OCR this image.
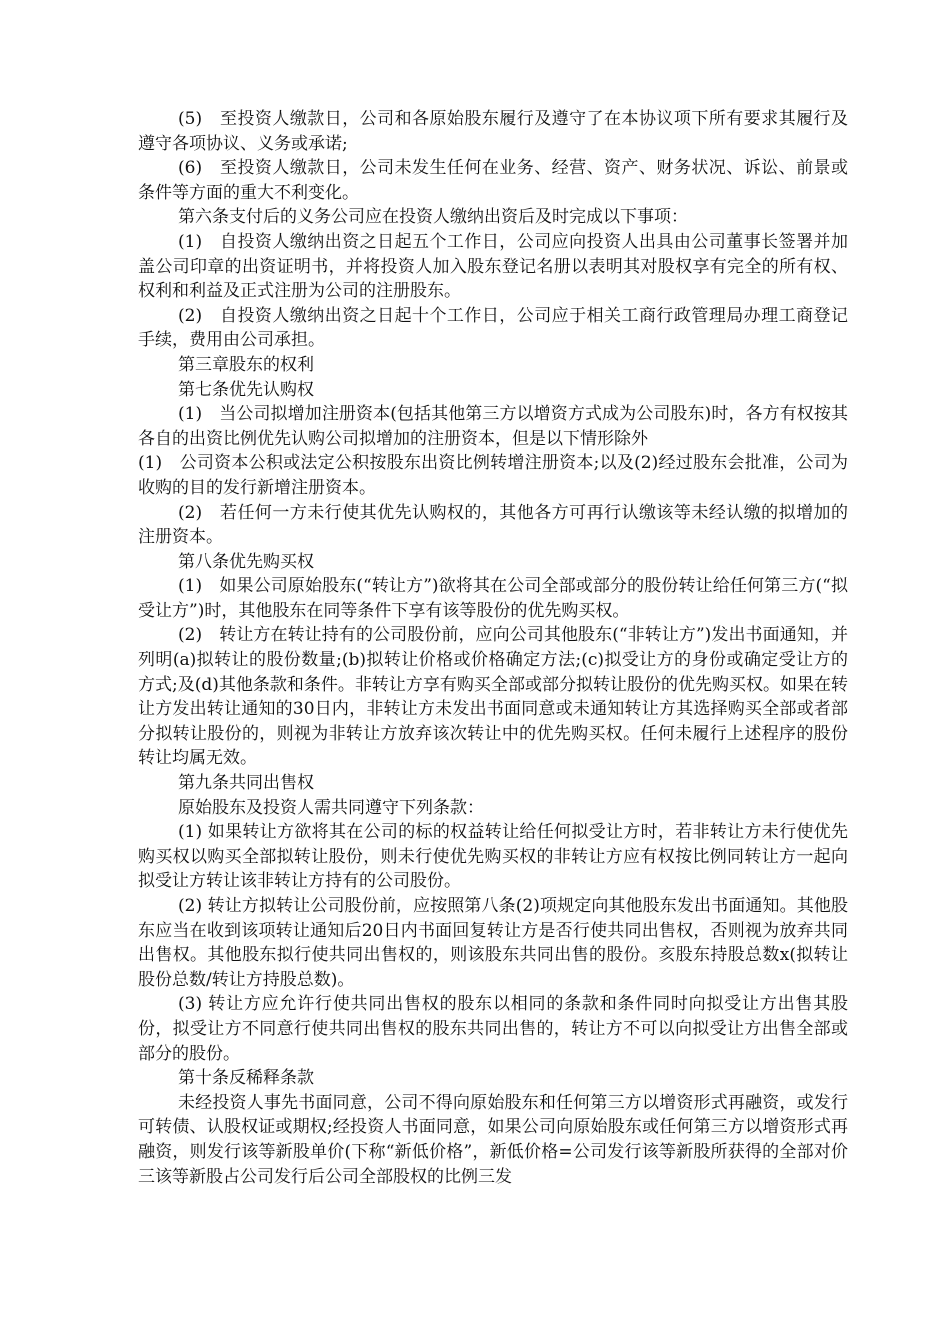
(5)　至投资人缴款日，公司和各原始股东履行及遵守了在本协议项下所有要求其履行及遵守各项协议、义务或承诺;

(6)　至投资人缴款日，公司未发生任何在业务、经营、资产、财务状况、诉讼、前景或条件等方面的重大不利变化。

第六条支付后的义务公司应在投资人缴纳出资后及时完成以下事项：

(1)　自投资人缴纳出资之日起五个工作日，公司应向投资人出具由公司董事长签署并加盖公司印章的出资证明书，并将投资人加入股东登记名册以表明其对股权享有完全的所有权、权利和利益及正式注册为公司的注册股东。

(2)　自投资人缴纳出资之日起十个工作日，公司应于相关工商行政管理局办理工商登记手续，费用由公司承担。

第三章股东的权利

第七条优先认购权

(1)　当公司拟增加注册资本(包括其他第三方以增资方式成为公司股东)时，各方有权按其各自的出资比例优先认购公司拟增加的注册资本，但是以下情形除外

(1)　公司资本公积或法定公积按股东出资比例转增注册资本;以及(2)经过股东会批准，公司为收购的目的发行新增注册资本。

(2)　若任何一方未行使其优先认购权的，其他各方可再行认缴该等未经认缴的拟增加的注册资本。

第八条优先购买权

(1)　如果公司原始股东(“转让方”)欲将其在公司全部或部分的股份转让给任何第三方(“拟受让方”)时，其他股东在同等条件下享有该等股份的优先购买权。

(2)　转让方在转让持有的公司股份前，应向公司其他股东(“非转让方”)发出书面通知，并列明(a)拟转让的股份数量;(b)拟转让价格或价格确定方法;(c)拟受让方的身份或确定受让方的方式;及(d)其他条款和条件。非转让方享有购买全部或部分拟转让股份的优先购买权。如果在转让方发出转让通知的30日内，非转让方未发出书面同意或未通知转让方其选择购买全部或者部分拟转让股份的，则视为非转让方放弃该次转让中的优先购买权。任何未履行上述程序的股份转让均属无效。

第九条共同出售权

原始股东及投资人需共同遵守下列条款：

(1) 如果转让方欲将其在公司的标的权益转让给任何拟受让方时，若非转让方未行使优先购买权以购买全部拟转让股份，则未行使优先购买权的非转让方应有权按比例同转让方一起向拟受让方转让该非转让方持有的公司股份。

(2) 转让方拟转让公司股份前，应按照第八条(2)项规定向其他股东发出书面通知。其他股东应当在收到该项转让通知后20日内书面回复转让方是否行使共同出售权，否则视为放弃共同出售权。其他股东拟行使共同出售权的，则该股东共同出售的股份。亥股东持股总数x(拟转让股份总数/转让方持股总数)。

(3) 转让方应允许行使共同出售权的股东以相同的条款和条件同时向拟受让方出售其股份，拟受让方不同意行使共同出售权的股东共同出售的，转让方不可以向拟受让方出售全部或部分的股份。

第十条反稀释条款

未经投资人事先书面同意，公司不得向原始股东和任何第三方以增资形式再融资，或发行可转债、认股权证或期权;经投资人书面同意，如果公司向原始股东或任何第三方以增资形式再融资，则发行该等新股单价(下称“新低价格”，新低价格=公司发行该等新股所获得的全部对价三该等新股占公司发行后公司全部股权的比例三发
